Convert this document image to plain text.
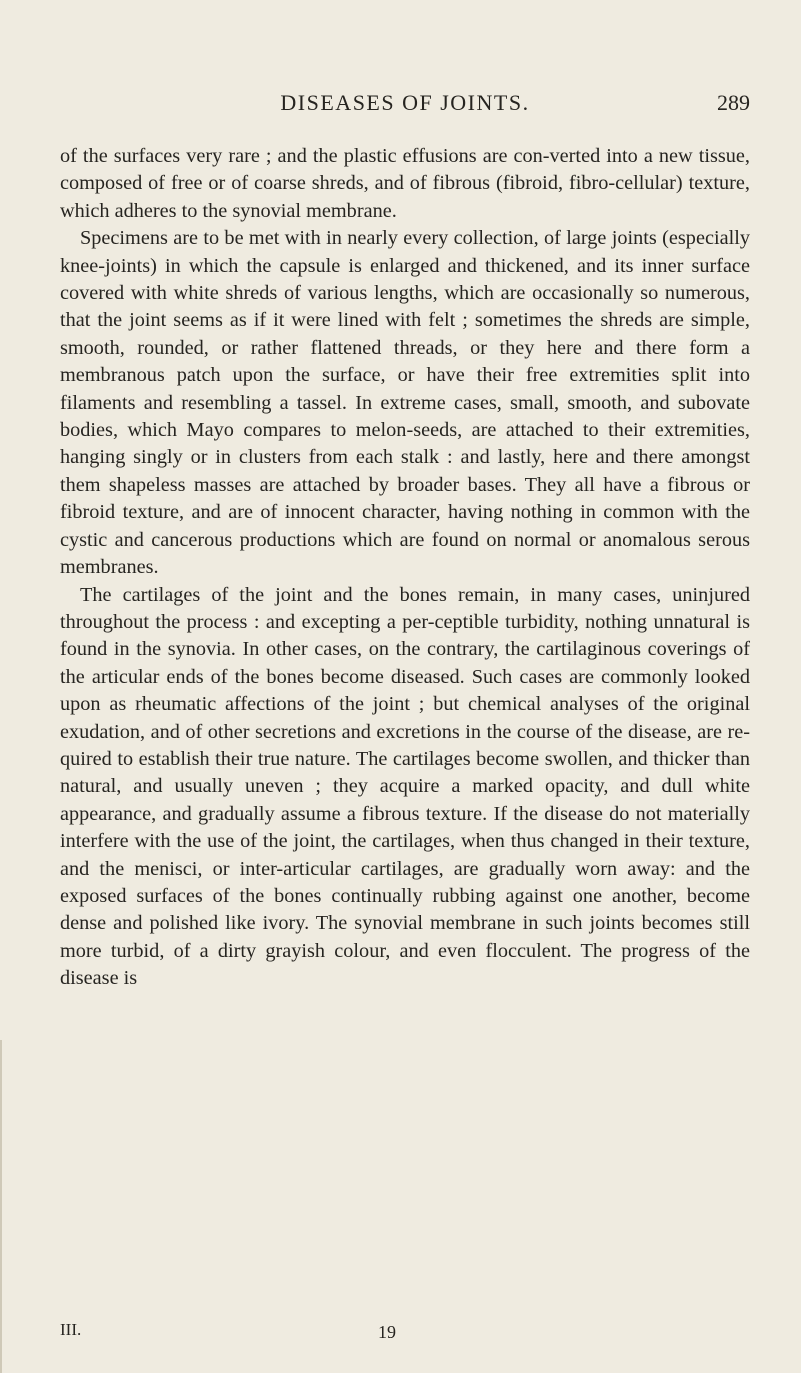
DISEASES OF JOINTS.	289

of the surfaces very rare ; and the plastic effusions are con-verted into a new tissue, composed of free or of coarse shreds, and of fibrous (fibroid, fibro-cellular) texture, which adheres to the synovial membrane.

Specimens are to be met with in nearly every collection, of large joints (especially knee-joints) in which the capsule is enlarged and thickened, and its inner surface covered with white shreds of various lengths, which are occasionally so numerous, that the joint seems as if it were lined with felt ; sometimes the shreds are simple, smooth, rounded, or rather flattened threads, or they here and there form a membranous patch upon the surface, or have their free extremities split into filaments and resembling a tassel. In extreme cases, small, smooth, and subovate bodies, which Mayo compares to melon-seeds, are attached to their extremities, hanging singly or in clusters from each stalk : and lastly, here and there amongst them shapeless masses are attached by broader bases. They all have a fibrous or fibroid texture, and are of innocent character, having nothing in common with the cystic and cancerous productions which are found on normal or anomalous serous membranes.

The cartilages of the joint and the bones remain, in many cases, uninjured throughout the process : and excepting a per-ceptible turbidity, nothing unnatural is found in the synovia. In other cases, on the contrary, the cartilaginous coverings of the articular ends of the bones become diseased. Such cases are commonly looked upon as rheumatic affections of the joint ; but chemical analyses of the original exudation, and of other secretions and excretions in the course of the disease, are re-quired to establish their true nature. The cartilages become swollen, and thicker than natural, and usually uneven ; they acquire a marked opacity, and dull white appearance, and gradually assume a fibrous texture. If the disease do not materially interfere with the use of the joint, the cartilages, when thus changed in their texture, and the menisci, or inter-articular cartilages, are gradually worn away: and the exposed surfaces of the bones continually rubbing against one another, become dense and polished like ivory. The synovial membrane in such joints becomes still more turbid, of a dirty grayish colour, and even flocculent. The progress of the disease is

III.	19
